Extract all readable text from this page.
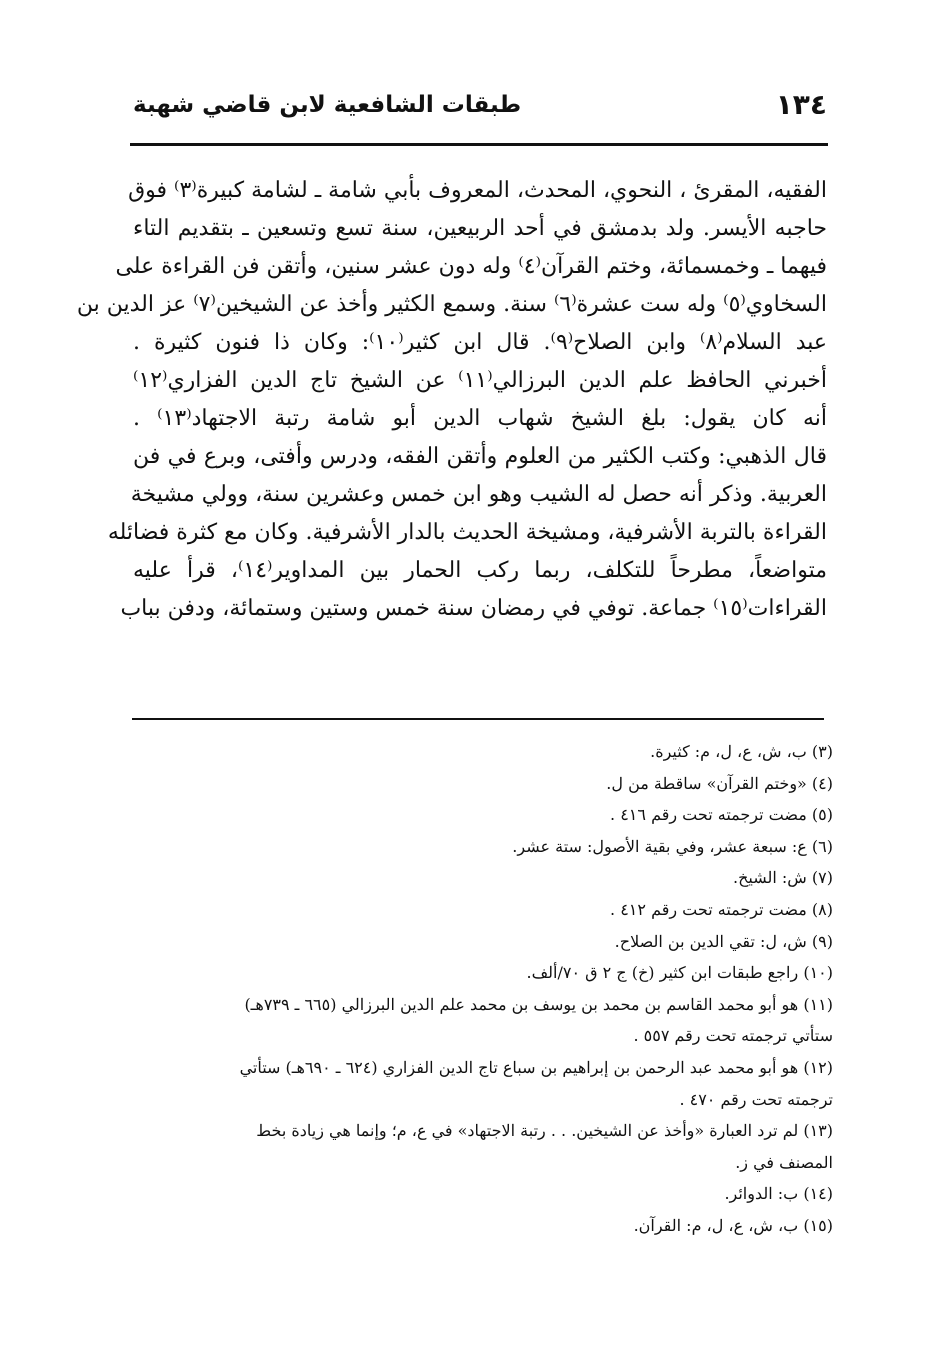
١٣٤
طبقات الشافعية لابن قاضي شهبة
الفقيه، المقرئ ، النحوي، المحدث، المعروف بأبي شامة ـ لشامة كبيرة⁽٣⁾ فوق
حاجبه الأيسر. ولد بدمشق في أحد الربيعين، سنة تسع وتسعين ـ بتقديم التاء
فيهما ـ وخمسمائة، وختم القرآن⁽٤⁾ وله دون عشر سنين، وأتقن فن القراءة على
السخاوي⁽٥⁾ وله ست عشرة⁽٦⁾ سنة. وسمع الكثير وأخذ عن الشيخين⁽٧⁾ عز الدين بن
عبد السلام⁽٨⁾ وابن الصلاح⁽٩⁾. قال ابن كثير⁽١٠⁾: وكان ذا فنون كثيرة .
أخبرني الحافظ علم الدين البرزالي⁽١١⁾ عن الشيخ تاج الدين الفزاري⁽١٢⁾
أنه كان يقول: بلغ الشيخ شهاب الدين أبو شامة رتبة الاجتهاد⁽١٣⁾ .
قال الذهبي: وكتب الكثير من العلوم وأتقن الفقه، ودرس وأفتى، وبرع في فن
العربية. وذكر أنه حصل له الشيب وهو ابن خمس وعشرين سنة، وولي مشيخة
القراءة بالتربة الأشرفية، ومشيخة الحديث بالدار الأشرفية. وكان مع كثرة فضائله
متواضعاً، مطرحاً للتكلف، ربما ركب الحمار بين المداوير⁽١٤⁾، قرأ عليه
القراءات⁽١٥⁾ جماعة. توفي في رمضان سنة خمس وستين وستمائة، ودفن بباب
(٣) ب، ش، ع، ل، م: كثيرة.
(٤) «وختم القرآن» ساقطة من ل.
(٥) مضت ترجمته تحت رقم ٤١٦ .
(٦) ع: سبعة عشر، وفي بقية الأصول: ستة عشر.
(٧) ش: الشيخ.
(٨) مضت ترجمته تحت رقم ٤١٢ .
(٩) ش، ل: تقي الدين بن الصلاح.
(١٠) راجع طبقات ابن كثير (خ) ج ٢ ق ٧٠/ألف.
(١١) هو أبو محمد القاسم بن محمد بن يوسف بن محمد علم الدين البرزالي (٦٦٥ ـ ٧٣٩هـ)
ستأتي ترجمته تحت رقم ٥٥٧ .
(١٢) هو أبو محمد عبد الرحمن بن إبراهيم بن سباع تاج الدين الفزاري (٦٢٤ ـ ٦٩٠هـ) ستأتي
ترجمته تحت رقم ٤٧٠ .
(١٣) لم ترد العبارة «وأخذ عن الشيخين. . . رتبة الاجتهاد» في ع، م؛ وإنما هي زيادة بخط
المصنف في ز.
(١٤) ب: الدوائر.
(١٥) ب، ش، ع، ل، م: القرآن.
